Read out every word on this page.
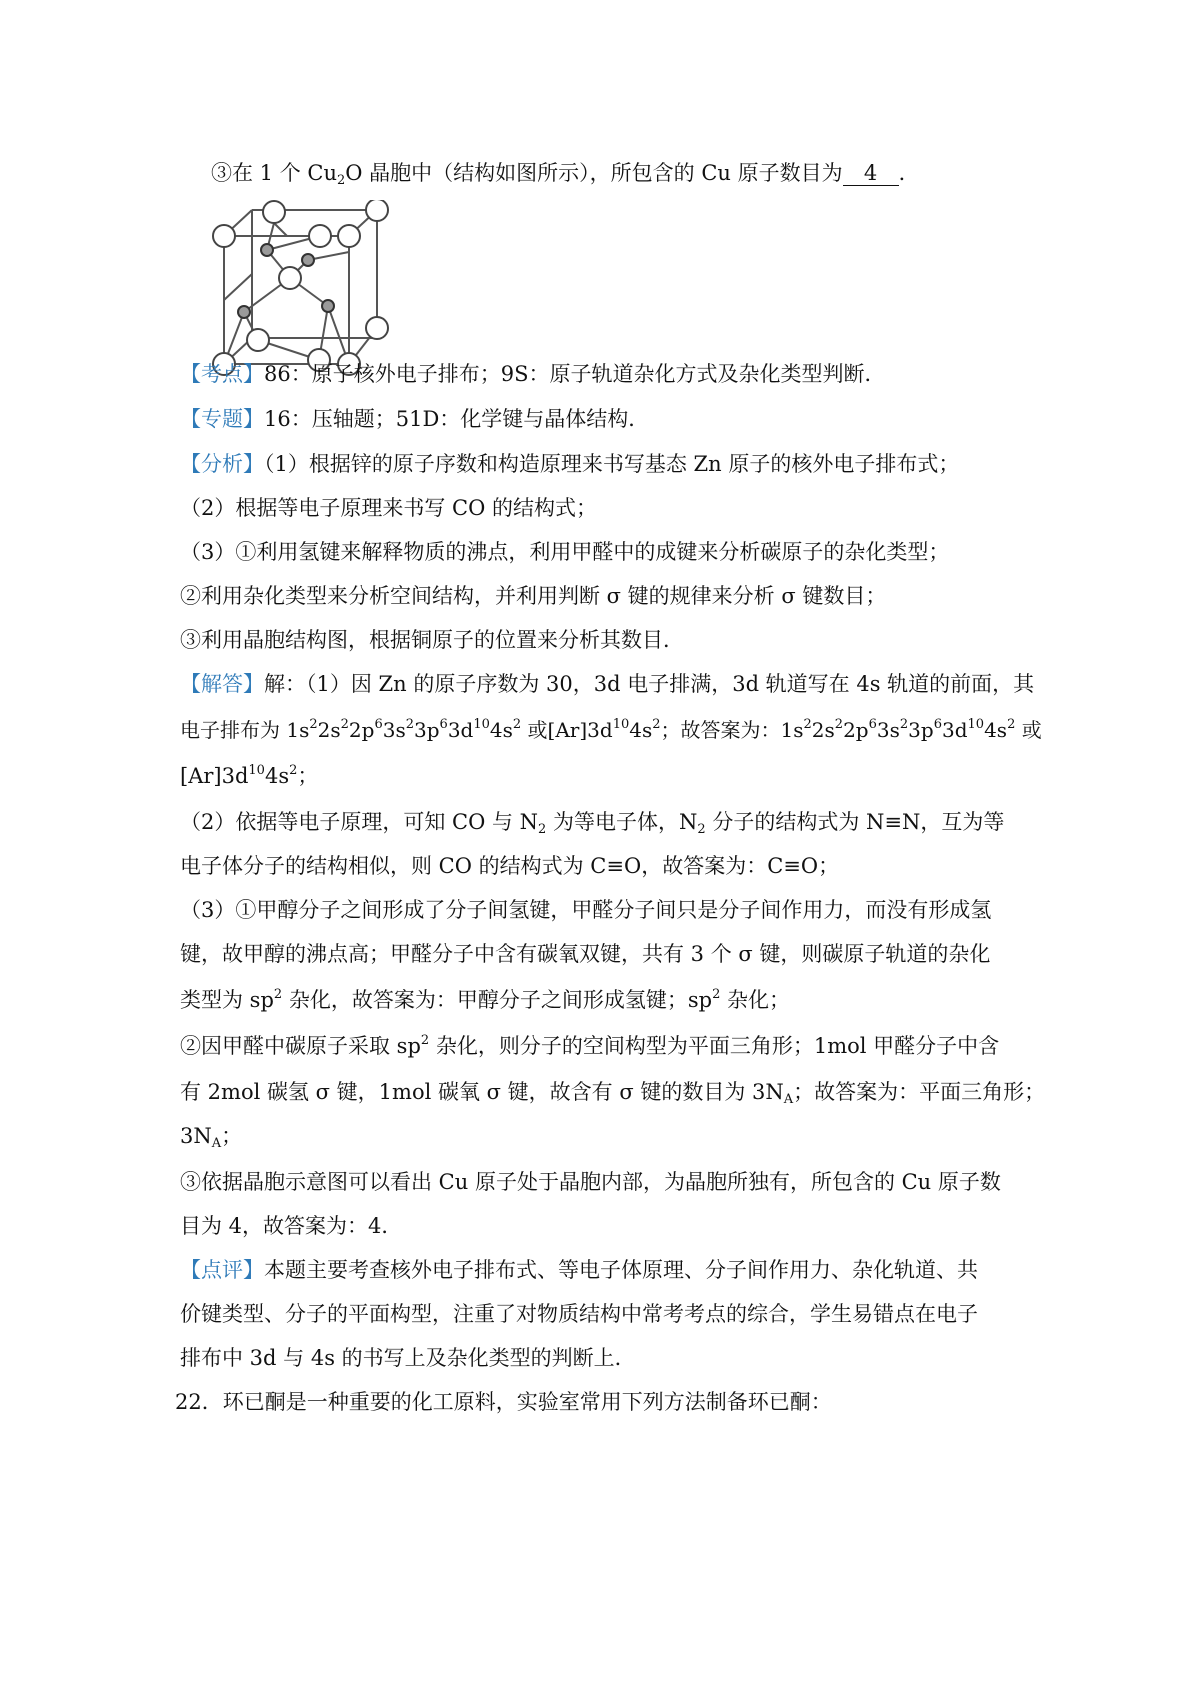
③在 1 个 $Cu_2O$ 晶胞中（结构如图所示），所包含的 Cu 原子数目为 4 ．
【考点】86：原子核外电子排布；9S：原子轨道杂化方式及杂化类型判断．
【专题】16：压轴题；51D：化学键与晶体结构．
【分析】（1）根据锌的原子序数和构造原理来书写基态 Zn 原子的核外电子排布式；
（2）根据等电子原理来书写 CO 的结构式；
（3）①利用氢键来解释物质的沸点，利用甲醛中的成键来分析碳原子的杂化类型；
②利用杂化类型来分析空间结构，并利用判断 σ 键的规律来分析 σ 键数目；
③利用晶胞结构图，根据铜原子的位置来分析其数目．
【解答】解：（1）因 Zn 的原子序数为 30，3d 电子排满，3d 轨道写在 4s 轨道的前面，其
电子排布为 $1s^22s^22p^63s^23p^63d^{10}4s^2$ 或$[Ar]3d^{10}4s^2$；故答案为：$1s^22s^22p^63s^23p^63d^{10}4s^2$ 或
$[Ar]3d^{10}4s^2$；
（2）依据等电子原理，可知 CO 与 $N_2$ 为等电子体，$N_2$ 分子的结构式为 N≡N，互为等
电子体分子的结构相似，则 CO 的结构式为 C≡O，故答案为：C≡O；
（3）①甲醇分子之间形成了分子间氢键，甲醛分子间只是分子间作用力，而没有形成氢
键，故甲醇的沸点高；甲醛分子中含有碳氧双键，共有 3 个 σ 键，则碳原子轨道的杂化
类型为 $sp^2$ 杂化，故答案为：甲醇分子之间形成氢键；$sp^2$ 杂化；
②因甲醛中碳原子采取 $sp^2$ 杂化，则分子的空间构型为平面三角形；1mol 甲醛分子中含
有 2mol 碳氢 σ 键，1mol 碳氧 σ 键，故含有 σ 键的数目为 $3N_A$；故答案为：平面三角形；
$3N_A$；
③依据晶胞示意图可以看出 Cu 原子处于晶胞内部，为晶胞所独有，所包含的 Cu 原子数
目为 4，故答案为：4．
【点评】本题主要考查核外电子排布式、等电子体原理、分子间作用力、杂化轨道、共
价键类型、分子的平面构型，注重了对物质结构中常考考点的综合，学生易错点在电子
排布中 3d 与 4s 的书写上及杂化类型的判断上．
22．环已酮是一种重要的化工原料，实验室常用下列方法制备环已酮：
